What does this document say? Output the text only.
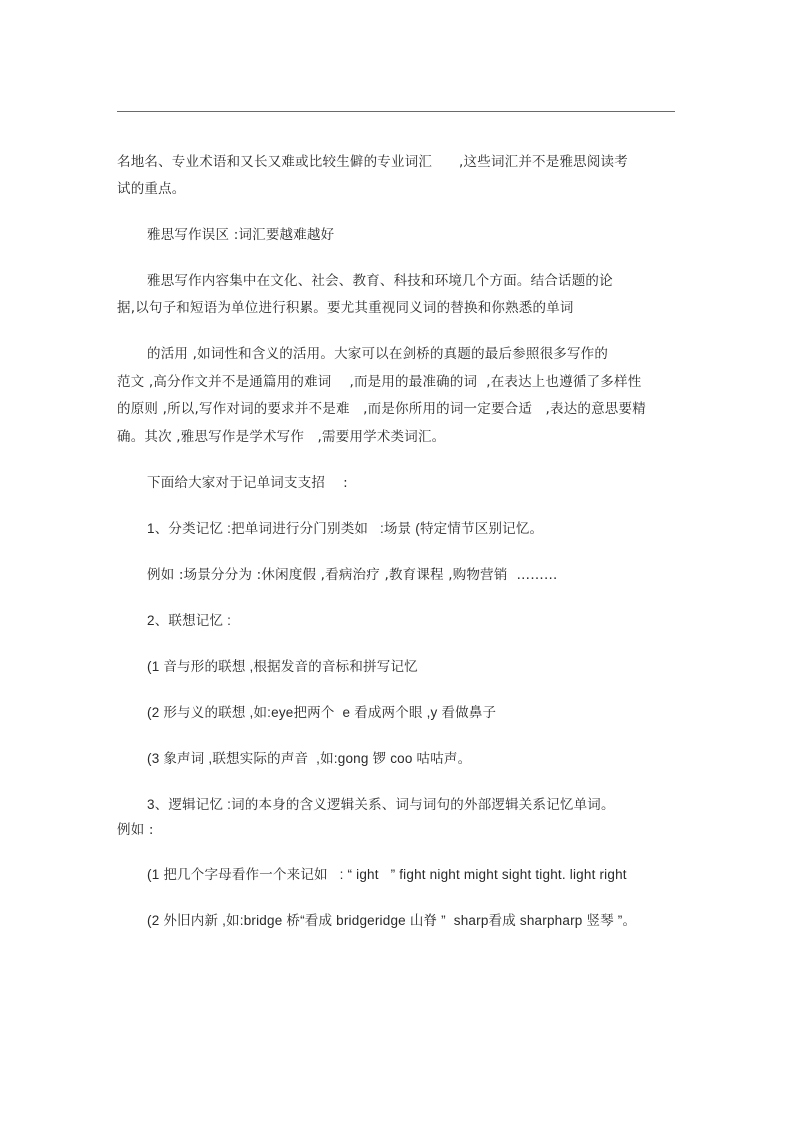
名地名、专业术语和又长又难或比较生僻的专业词汇      ,这些词汇并不是雅思阅读考
试的重点。
雅思写作误区 :词汇要越难越好
雅思写作内容集中在文化、社会、教育、科技和环境几个方面。结合话题的论
据,以句子和短语为单位进行积累。要尤其重视同义词的替换和你熟悉的单词
的活用 ,如词性和含义的活用。大家可以在剑桥的真题的最后参照很多写作的
范文 ,高分作文并不是通篇用的难词    ,而是用的最准确的词  ,在表达上也遵循了多样性
的原则 ,所以,写作对词的要求并不是难   ,而是你所用的词一定要合适   ,表达的意思要精
确。其次 ,雅思写作是学术写作   ,需要用学术类词汇。
下面给大家对于记单词支支招    :
1、分类记忆 :把单词进行分门别类如   :场景 (特定情节区别记忆。
例如 :场景分分为 :休闲度假 ,看病治疗 ,教育课程 ,购物营销  ………
2、联想记忆 :
(1 音与形的联想 ,根据发音的音标和拼写记忆
(2 形与义的联想 ,如:eye把两个  e 看成两个眼 ,y 看做鼻子
(3 象声词 ,联想实际的声音  ,如:gong 锣 coo 咕咕声。
3、逻辑记忆 :词的本身的含义逻辑关系、词与词句的外部逻辑关系记忆单词。
例如 :
(1 把几个字母看作一个来记如   : “ ight   ” fight night might sight tight. light right
(2 外旧内新 ,如:bridge 桥“看成 bridgeridge 山脊 ”  sharp看成 sharpharp 竖琴 ”。
